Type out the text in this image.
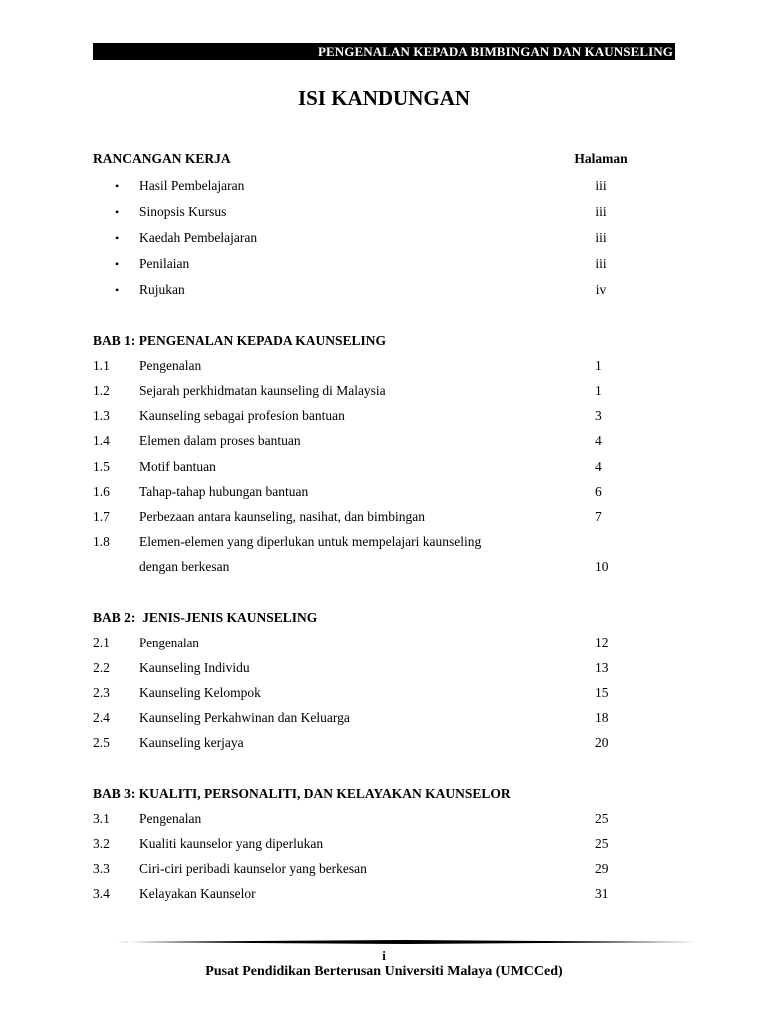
PENGENALAN KEPADA BIMBINGAN DAN KAUNSELING
ISI KANDUNGAN
RANCANGAN KERJA	Halaman
• Hasil Pembelajaran	iii
• Sinopsis Kursus	iii
• Kaedah Pembelajaran	iii
• Penilaian	iii
• Rujukan	iv
BAB 1: PENGENALAN KEPADA KAUNSELING
1.1 Pengenalan	1
1.2 Sejarah perkhidmatan kaunseling di Malaysia	1
1.3 Kaunseling sebagai profesion bantuan	3
1.4 Elemen dalam proses bantuan	4
1.5 Motif bantuan	4
1.6 Tahap-tahap hubungan bantuan	6
1.7 Perbezaan antara kaunseling, nasihat, dan bimbingan	7
1.8 Elemen-elemen yang diperlukan untuk mempelajari kaunseling
dengan berkesan	10
BAB 2:  JENIS-JENIS KAUNSELING
2.1 Pengenalan	12
2.2 Kaunseling Individu	13
2.3 Kaunseling Kelompok	15
2.4 Kaunseling Perkahwinan dan Keluarga	18
2.5 Kaunseling kerjaya	20
BAB 3: KUALITI, PERSONALITI, DAN KELAYAKAN KAUNSELOR
3.1 Pengenalan	25
3.2 Kualiti kaunselor yang diperlukan	25
3.3 Ciri-ciri peribadi kaunselor yang berkesan	29
3.4 Kelayakan Kaunselor	31
i
Pusat Pendidikan Berterusan Universiti Malaya (UMCCed)
